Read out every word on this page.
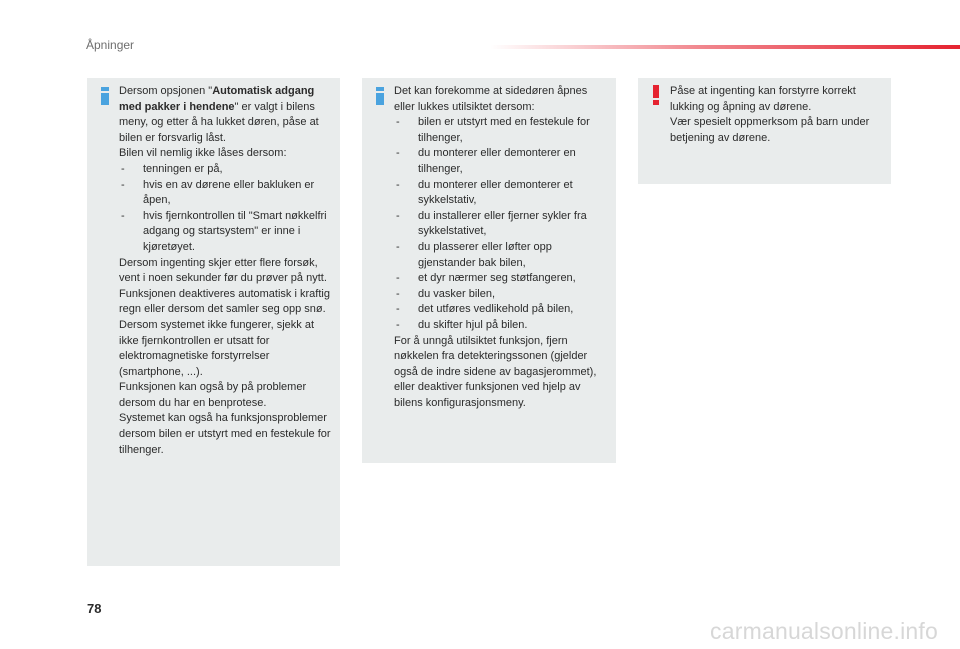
Åpninger

Dersom opsjonen "Automatisk adgang med pakker i hendene" er valgt i bilens meny, og etter å ha lukket døren, påse at bilen er forsvarlig låst.

Bilen vil nemlig ikke låses dersom:

- tenningen er på,

- hvis en av dørene eller bakluken er åpen,

- hvis fjernkontrollen til "Smart nøkkelfri adgang og startsystem" er inne i kjøretøyet.

Dersom ingenting skjer etter flere forsøk, vent i noen sekunder før du prøver på nytt.

Funksjonen deaktiveres automatisk i kraftig regn eller dersom det samler seg opp snø.

Dersom systemet ikke fungerer, sjekk at ikke fjernkontrollen er utsatt for elektromagnetiske forstyrrelser (smartphone, ...).

Funksjonen kan også by på problemer dersom du har en benprotese.

Systemet kan også ha funksjonsproblemer dersom bilen er utstyrt med en festekule for tilhenger.

Det kan forekomme at sidedøren åpnes eller lukkes utilsiktet dersom:

- bilen er utstyrt med en festekule for tilhenger,

- du monterer eller demonterer en tilhenger,

- du monterer eller demonterer et sykkelstativ,

- du installerer eller fjerner sykler fra sykkelstativet,

- du plasserer eller løfter opp gjenstander bak bilen,

- et dyr nærmer seg støtfangeren,

- du vasker bilen,

- det utføres vedlikehold på bilen,

- du skifter hjul på bilen.

For å unngå utilsiktet funksjon, fjern nøkkelen fra detekteringssonen (gjelder også de indre sidene av bagasjerommet), eller deaktiver funksjonen ved hjelp av bilens konfigurasjonsmeny.

Påse at ingenting kan forstyrre korrekt lukking og åpning av dørene.

Vær spesielt oppmerksom på barn under betjening av dørene.

78
carmanualsonline.info
